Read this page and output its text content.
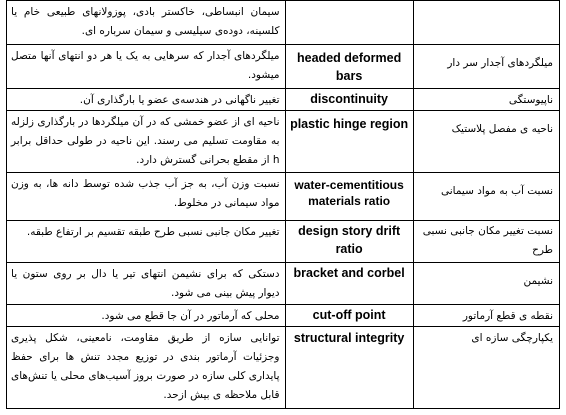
سیمان انبساطی، خاکستر بادی، پوزولانهای طبیعی خام یا کلسینه، دوده‌ی سیلیسی و سیمان سرباره ای.		

میلگردهای آجدار که سرهایی به یک یا هر دو انتهای آنها متصل میشود.	headed deformed bars	میلگردهای آجدار سر دار

تغییر ناگهانی در هندسه‌ی عضو یا بارگذاری آن.	discontinuity	ناپیوستگی

ناحیه ای از عضو خمشی که در آن میلگردها در بارگذاری زلزله به مقاومت تسلیم می رسند. این ناحیه در طولی حداقل برابر h از مقطع بحرانی گسترش دارد.	plastic hinge region	ناحیه ی مفصل پلاستیک

نسبت وزن آب، به جز آب جذب شده توسط دانه ها، به وزن مواد سیمانی در مخلوط.	water-cementitious materials ratio	نسبت آب به مواد سیمانی

تغییر مکان جانبی نسبی طرح طبقه تقسیم بر ارتفاع طبقه.	design story drift ratio	نسبت تغییر مکان جانبی نسبی طرح

دستکی که برای نشیمن انتهای تیر یا دال بر روی ستون یا دیوار پیش بینی می شود.	bracket and corbel	نشیمن

محلی که آرماتور در آن جا قطع می شود.	cut-off point	نقطه ی قطع آرماتور

توانایی سازه از طریق مقاومت، نامعینی، شکل پذیری وجزئیات آرماتور بندی در توزیع مجدد تنش ها برای حفظ پایداری کلی سازه در صورت بروز آسیب‌های محلی یا تنش‌های قابل ملاحظه ی بیش ازحد.	structural integrity	یکپارچگی سازه ای
